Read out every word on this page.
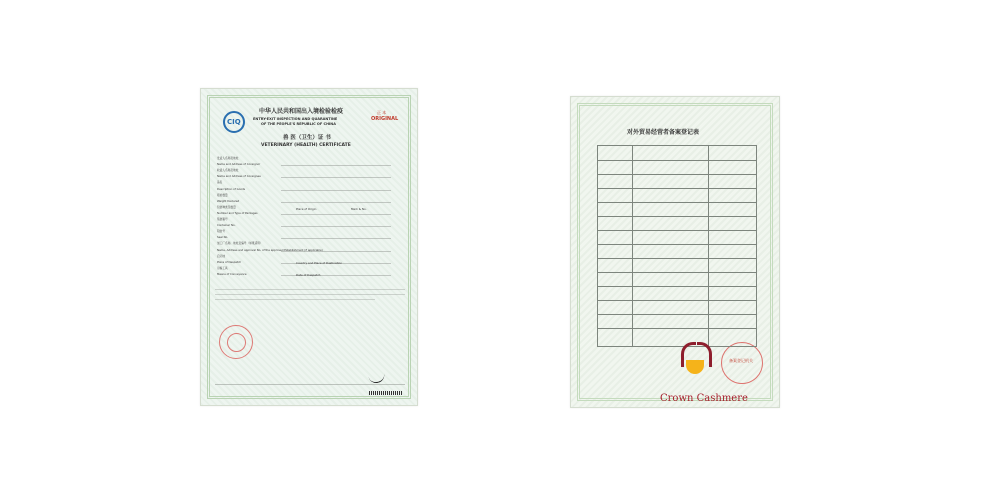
CIQ
中华人民共和国出入境检验检疫
ENTRY-EXIT INSPECTION AND QUARANTINE
OF THE PEOPLE'S REPUBLIC OF CHINA
正 本
ORIGINAL
兽 医（卫生）证 书
VETERINARY (HEALTH) CERTIFICATE
发货人名称及地址
Name and Address of Consignor
收货人名称及地址
Name and Address of Consignee
品名
Description of Goods
报检数量
Weight Declared
包装种类及数量
Number and Type of Packages
集装箱号
Container No.
铅封号
Seal No.
加工厂名称、地址及编号（如果适用）
Name, Address and approval No. of the approved Establishment (if applicable)
启运地
Place of Despatch
运输工具
Means of Conveyance
Place of Origin	Mark & No.
Country and Place of Destination
Date of Despatch
对外贸易经营者备案登记表
备案登记机关
Crown Cashmere
